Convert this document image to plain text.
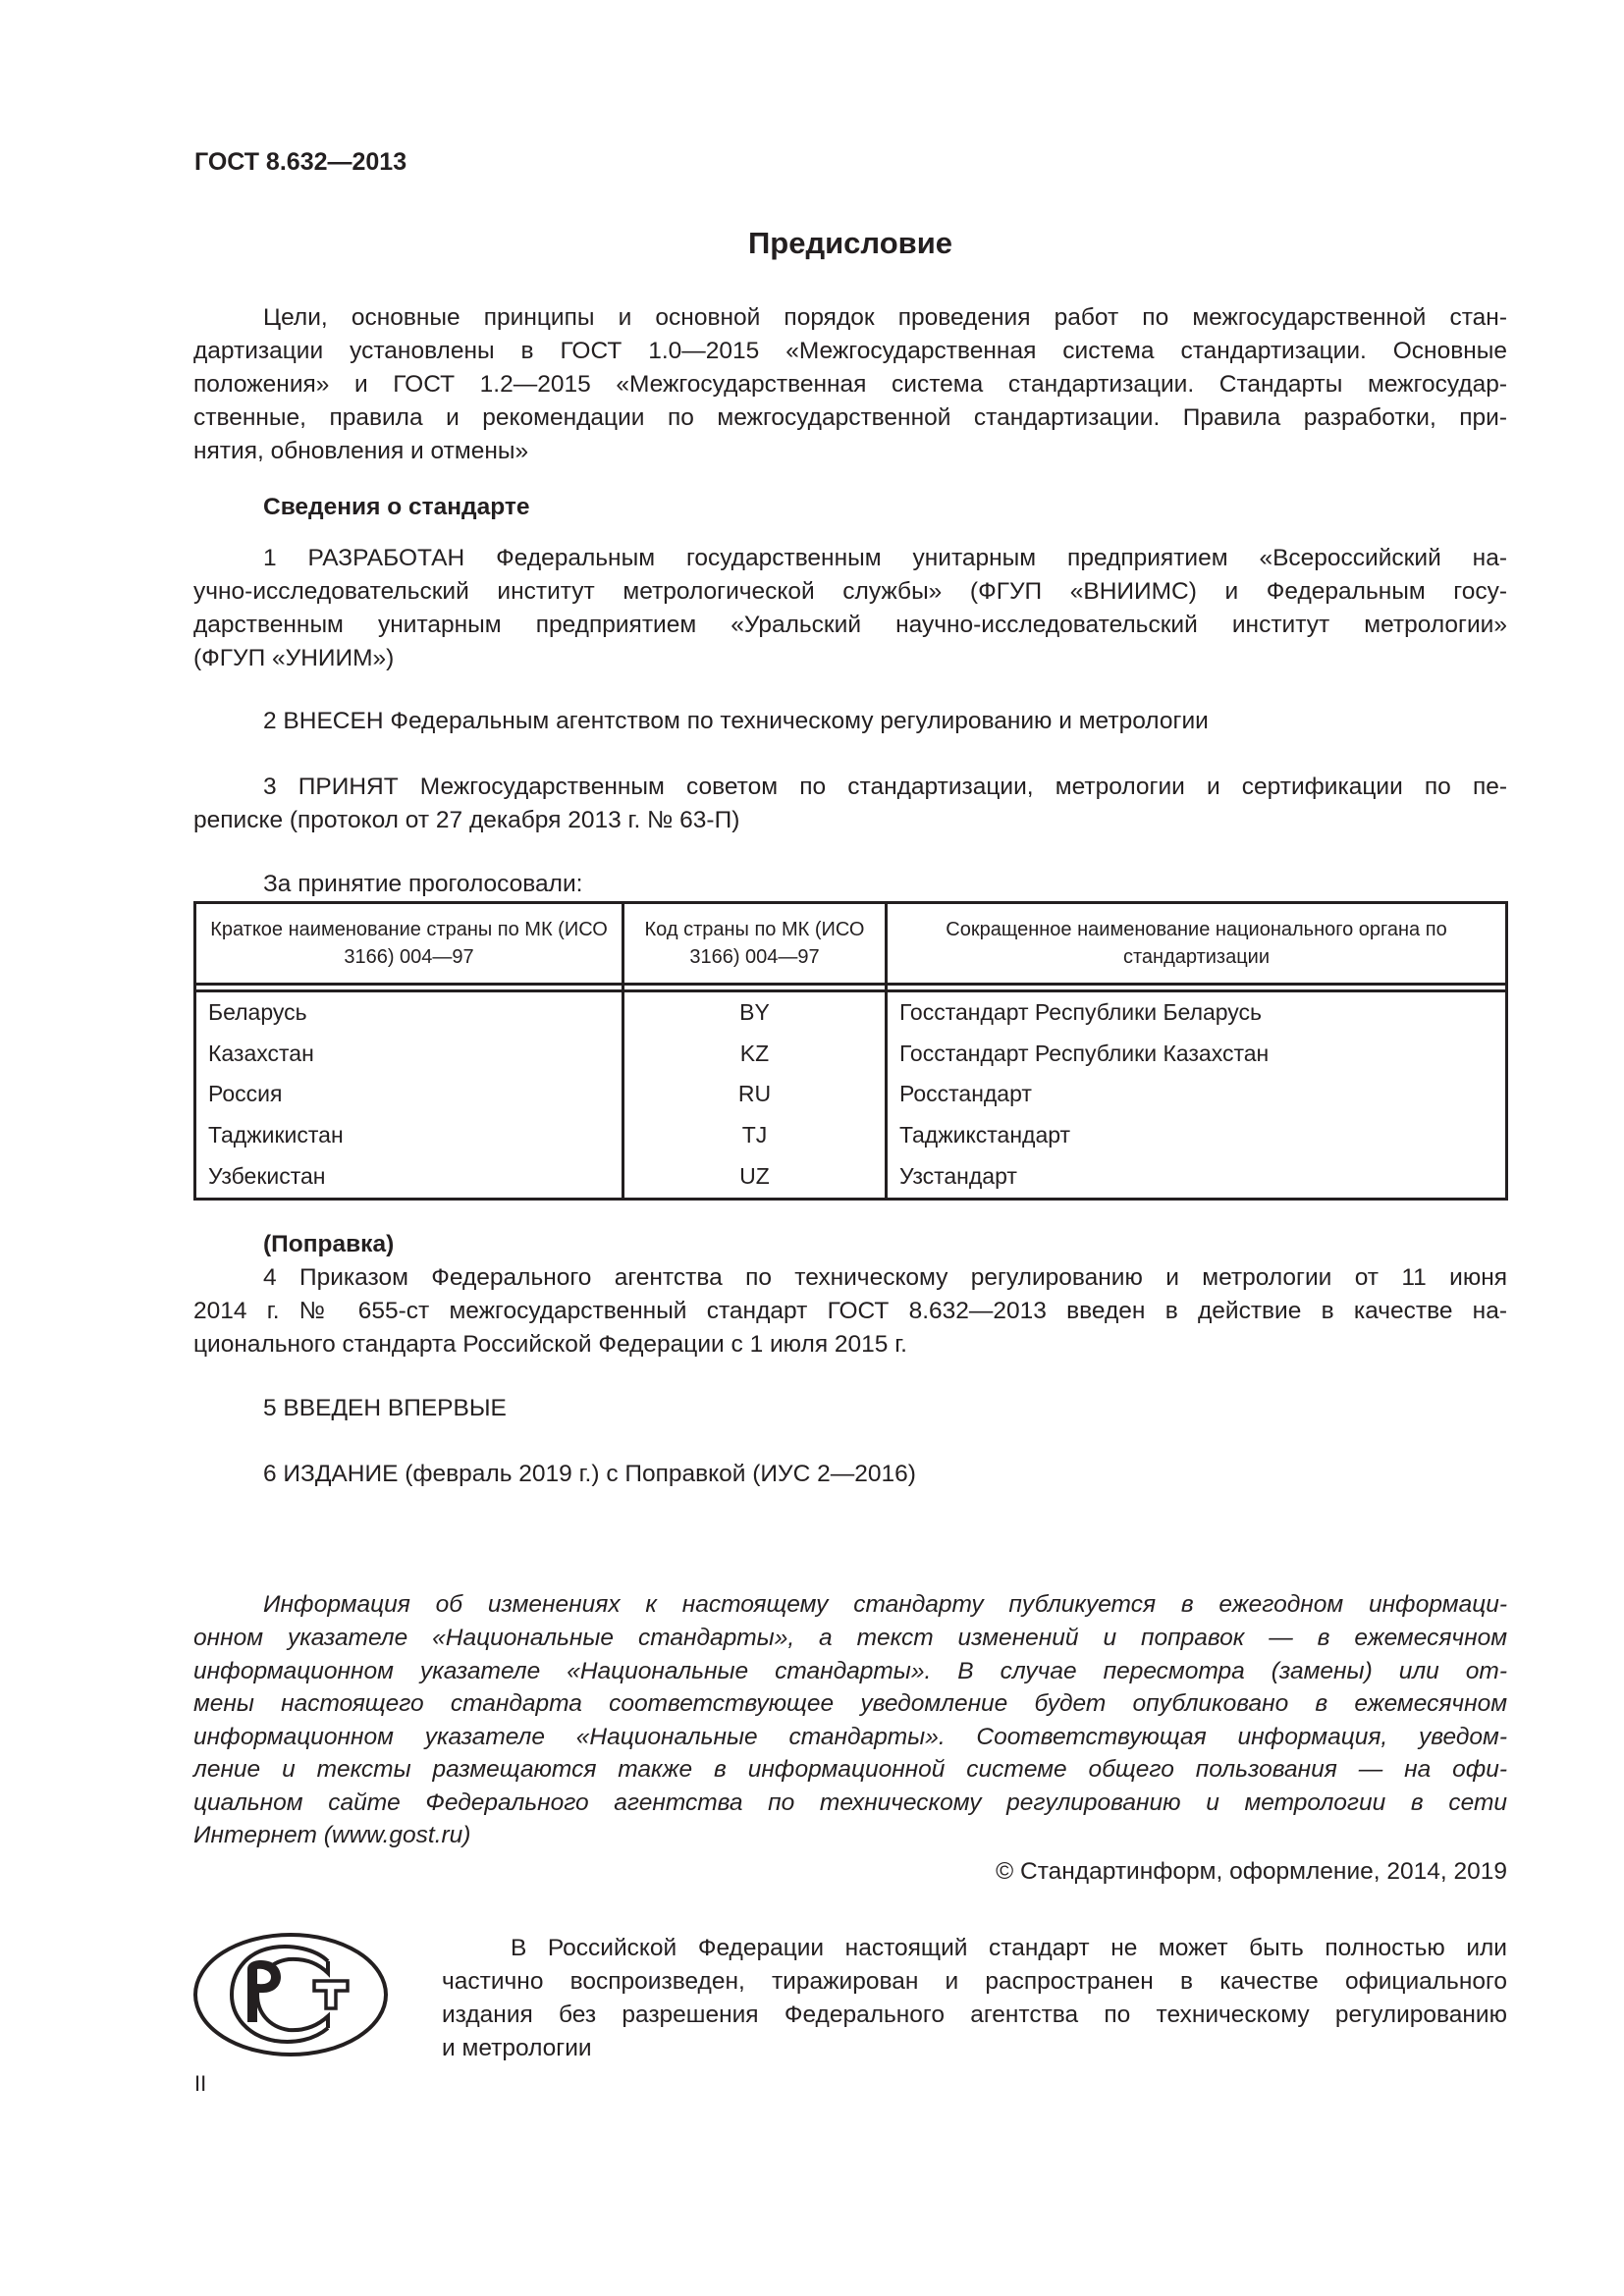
ГОСТ 8.632—2013
Предисловие
Цели, основные принципы и основной порядок проведения работ по межгосударственной стан-
дартизации установлены в ГОСТ 1.0—2015 «Межгосударственная система стандартизации. Основные
положения» и ГОСТ 1.2—2015 «Межгосударственная система стандартизации. Стандарты межгосудар-
ственные, правила и рекомендации по межгосударственной стандартизации. Правила разработки, при-
нятия, обновления и отмены»
Сведения о стандарте
1 РАЗРАБОТАН Федеральным государственным унитарным предприятием «Всероссийский на-
учно-исследовательский институт метрологической службы» (ФГУП «ВНИИМС) и Федеральным госу-
дарственным унитарным предприятием «Уральский научно-исследовательский институт метрологии»
(ФГУП «УНИИМ»)
2 ВНЕСЕН Федеральным агентством по техническому регулированию и метрологии
3 ПРИНЯТ Межгосударственным советом по стандартизации, метрологии и сертификации по пе-
реписке (протокол от 27 декабря 2013 г. № 63-П)
За принятие проголосовали:
Краткое наименование страны по МК (ИСО 3166) 004—97	Код страны по МК (ИСО 3166) 004—97	Сокращенное наименование национального органа по стандартизации

Беларусь	BY	Госстандарт Республики Беларусь
Казахстан	KZ	Госстандарт Республики Казахстан
Россия	RU	Росстандарт
Таджикистан	TJ	Таджикстандарт
Узбекистан	UZ	Узстандарт
(Поправка)
4 Приказом Федерального агентства по техническому регулированию и метрологии от 11 июня
2014 г. № 655-ст межгосударственный стандарт ГОСТ 8.632—2013 введен в действие в качестве на-
ционального стандарта Российской Федерации с 1 июля 2015 г.
5 ВВЕДЕН ВПЕРВЫЕ
6 ИЗДАНИЕ (февраль 2019 г.) с Поправкой (ИУС 2—2016)
Информация об изменениях к настоящему стандарту публикуется в ежегодном информаци-
онном указателе «Национальные стандарты», а текст изменений и поправок — в ежемесячном
информационном указателе «Национальные стандарты». В случае пересмотра (замены) или от-
мены настоящего стандарта соответствующее уведомление будет опубликовано в ежемесячном
информационном указателе «Национальные стандарты». Соответствующая информация, уведом-
ление и тексты размещаются также в информационной системе общего пользования — на офи-
циальном сайте Федерального агентства по техническому регулированию и метрологии в сети
Интернет (www.gost.ru)
© Стандартинформ, оформление, 2014, 2019
В Российской Федерации настоящий стандарт не может быть полностью или
частично воспроизведен, тиражирован и распространен в качестве официального
издания без разрешения Федерального агентства по техническому регулированию
и метрологии
II
